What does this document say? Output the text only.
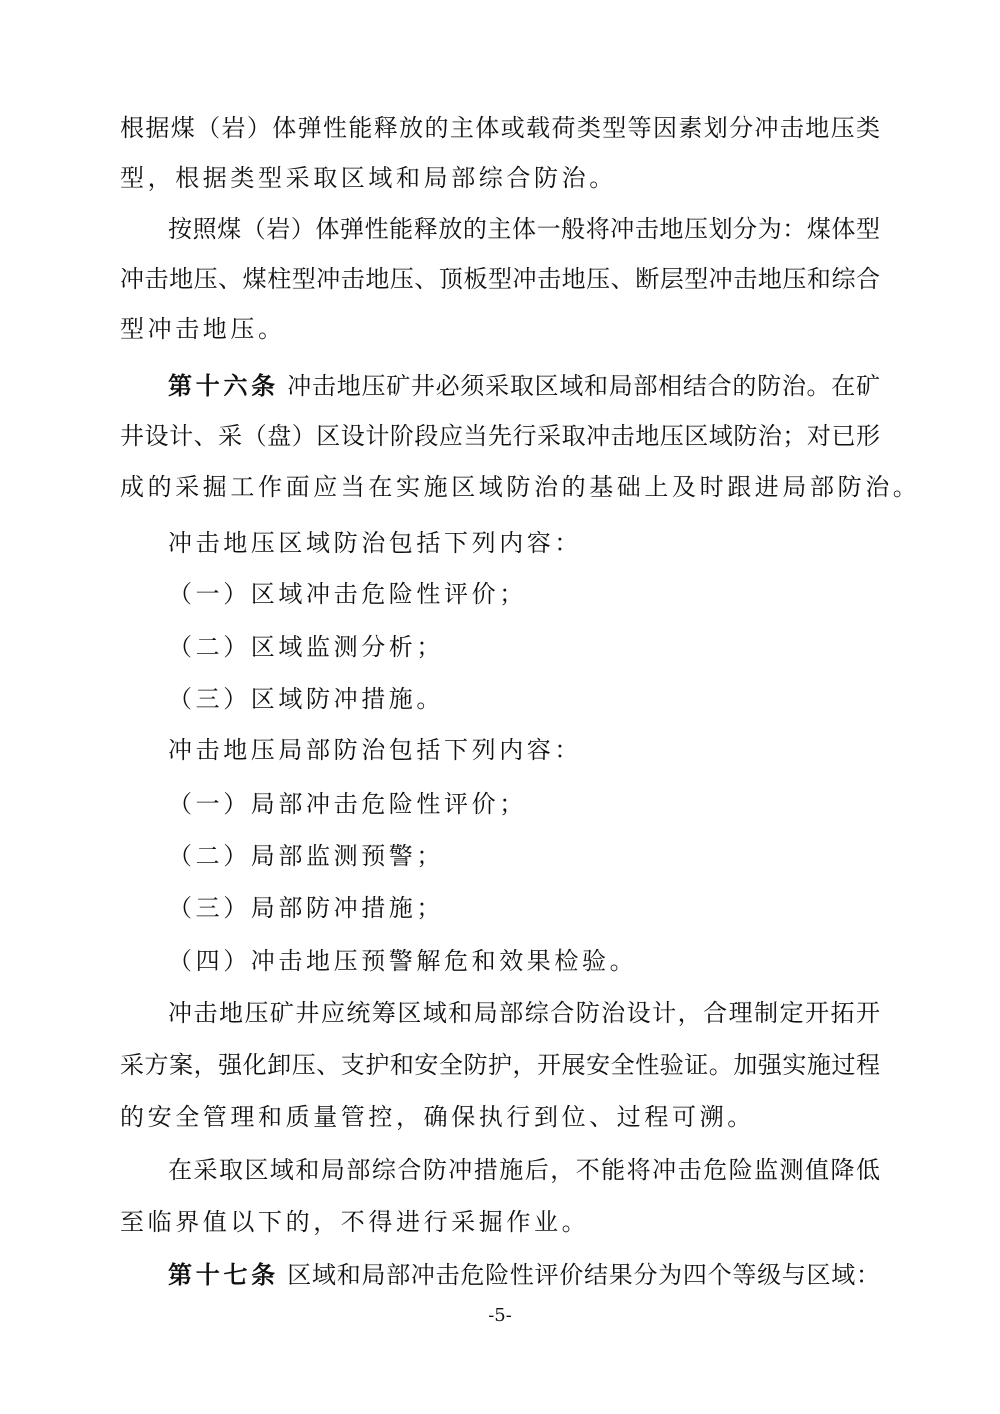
根据煤（岩）体弹性能释放的主体或载荷类型等因素划分冲击地压类
型，根据类型采取区域和局部综合防治。
按照煤（岩）体弹性能释放的主体一般将冲击地压划分为：煤体型
冲击地压、煤柱型冲击地压、顶板型冲击地压、断层型冲击地压和综合
型冲击地压。
第十六条 冲击地压矿井必须采取区域和局部相结合的防治。在矿
井设计、采（盘）区设计阶段应当先行采取冲击地压区域防治；对已形
成的采掘工作面应当在实施区域防治的基础上及时跟进局部防治。
冲击地压区域防治包括下列内容：
（一）区域冲击危险性评价；
（二）区域监测分析；
（三）区域防冲措施。
冲击地压局部防治包括下列内容：
（一）局部冲击危险性评价；
（二）局部监测预警；
（三）局部防冲措施；
（四）冲击地压预警解危和效果检验。
冲击地压矿井应统筹区域和局部综合防治设计，合理制定开拓开
采方案，强化卸压、支护和安全防护，开展安全性验证。加强实施过程
的安全管理和质量管控，确保执行到位、过程可溯。
在采取区域和局部综合防冲措施后，不能将冲击危险监测值降低
至临界值以下的，不得进行采掘作业。
第十七条 区域和局部冲击危险性评价结果分为四个等级与区域：
-5-
